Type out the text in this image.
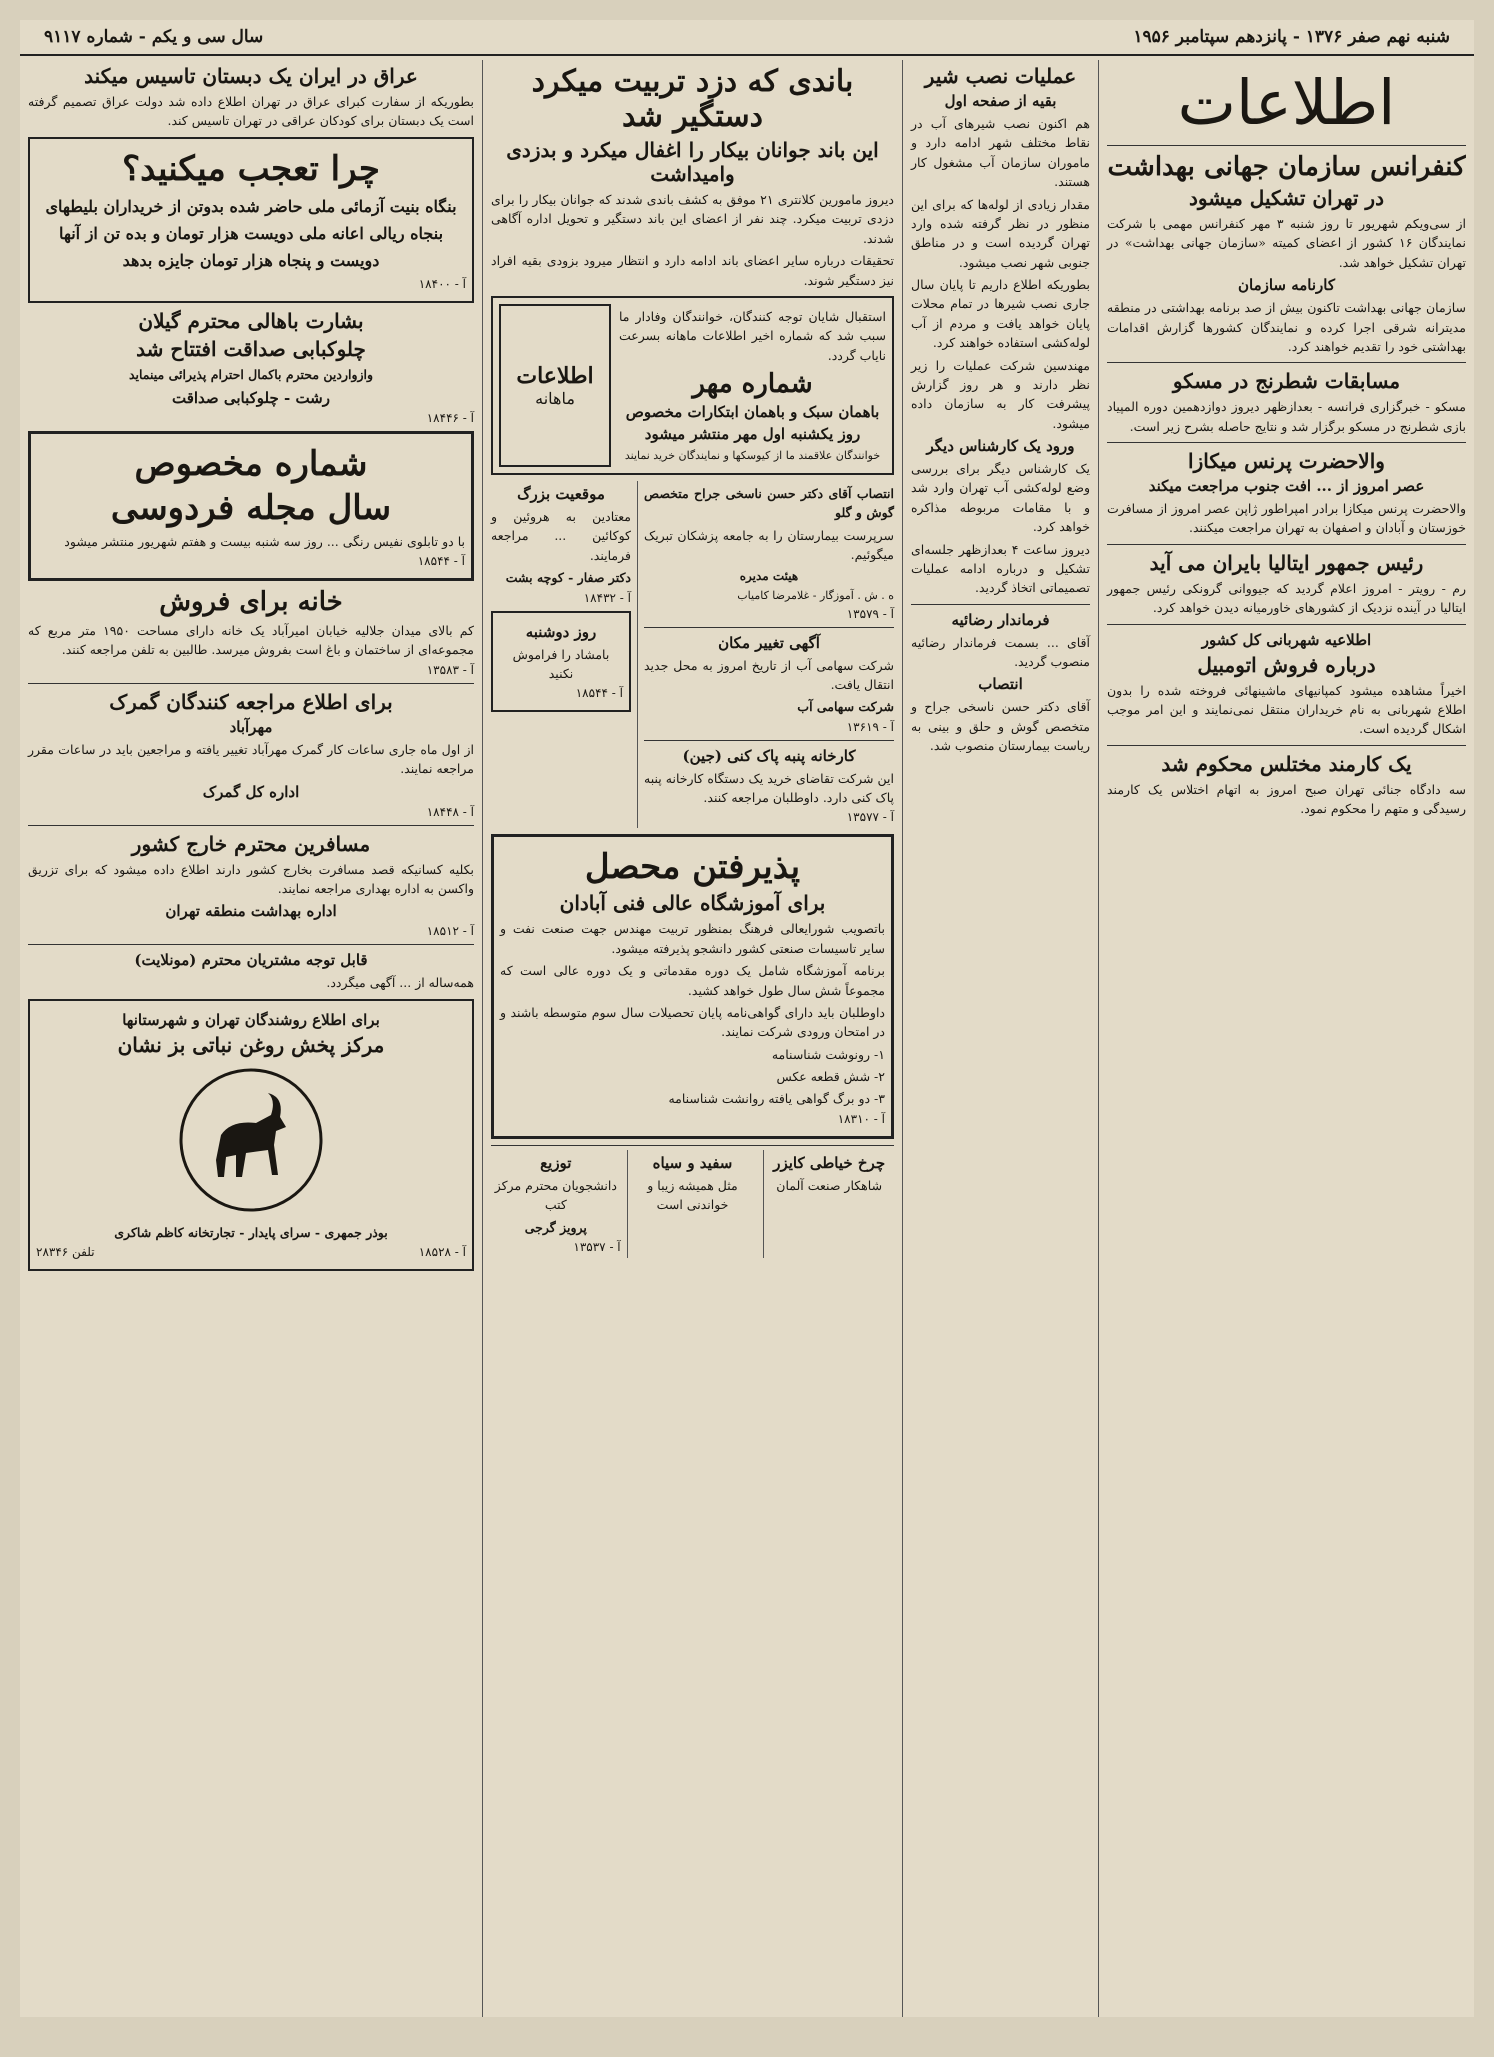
شنبه نهم صفر ۱۳۷۶ - پانزدهم سپتامبر ۱۹۵۶
سال سی و یکم - شماره ۹۱۱۷
اطلاعات
کنفرانس سازمان جهانی بهداشت
در تهران تشکیل میشود

از سی‌ویکم شهریور تا روز شنبه ۳ مهر کنفرانس مهمی با شرکت نمایندگان ۱۶ کشور از اعضای کمیته «سازمان جهانی بهداشت» در تهران تشکیل خواهد شد.

کارنامه سازمان

سازمان جهانی بهداشت تاکنون بیش از صد برنامه بهداشتی در منطقه مدیترانه شرقی اجرا کرده و نمایندگان کشورها گزارش اقدامات بهداشتی خود را تقدیم خواهند کرد.

مسابقات شطرنج در مسکو

مسکو - خبرگزاری فرانسه - بعدازظهر دیروز دوازدهمین دوره المپیاد بازی شطرنج در مسکو برگزار شد و نتایج حاصله بشرح زیر است.

والاحضرت پرنس میکازا
عصر امروز از ... افت جنوب مراجعت میکند

والاحضرت پرنس میکازا برادر امپراطور ژاپن عصر امروز از مسافرت خوزستان و آبادان و اصفهان به تهران مراجعت میکنند.

رئیس جمهور ایتالیا بایران می آید

رم - رویتر - امروز اعلام گردید که جیووانی گرونکی رئیس جمهور ایتالیا در آینده نزدیک از کشورهای خاورمیانه دیدن خواهد کرد.

اطلاعیه شهربانی کل کشور
درباره فروش اتومبیل

اخیراً مشاهده میشود کمپانیهای ماشینهائی فروخته شده را بدون اطلاع شهربانی به نام خریداران منتقل نمی‌نمایند و این امر موجب اشکال گردیده است.

یک کارمند مختلس محکوم شد

سه دادگاه جنائی تهران صبح امروز به اتهام اختلاس یک کارمند رسیدگی و متهم را محکوم نمود.

عملیات نصب شیر
بقیه از صفحه اول

هم اکنون نصب شیرهای آب در نقاط مختلف شهر ادامه دارد و ماموران سازمان آب مشغول کار هستند.

مقدار زیادی از لوله‌ها که برای این منظور در نظر گرفته شده وارد تهران گردیده است و در مناطق جنوبی شهر نصب میشود.

بطوریکه اطلاع داریم تا پایان سال جاری نصب شیرها در تمام محلات پایان خواهد یافت و مردم از آب لوله‌کشی استفاده خواهند کرد.

مهندسین شرکت عملیات را زیر نظر دارند و هر روز گزارش پیشرفت کار به سازمان داده میشود.

ورود یک کارشناس دیگر

یک کارشناس دیگر برای بررسی وضع لوله‌کشی آب تهران وارد شد و با مقامات مربوطه مذاکره خواهد کرد.

دیروز ساعت ۴ بعدازظهر جلسه‌ای تشکیل و درباره ادامه عملیات تصمیماتی اتخاذ گردید.

فرماندار رضائیه

آقای ... بسمت فرماندار رضائیه منصوب گردید.

انتصاب

آقای دکتر حسن ناسخی جراح و متخصص گوش و حلق و بینی به ریاست بیمارستان منصوب شد.

باندی که دزد تربیت میکرد دستگیر شد
این باند جوانان بیکار را اغفال میکرد و بدزدی وامیداشت

دیروز مامورین کلانتری ۲۱ موفق به کشف باندی شدند که جوانان بیکار را برای دزدی تربیت میکرد. چند نفر از اعضای این باند دستگیر و تحویل اداره آگاهی شدند.

تحقیقات درباره سایر اعضای باند ادامه دارد و انتظار میرود بزودی بقیه افراد نیز دستگیر شوند.

استقبال شایان توجه کنندگان، خوانندگان وفادار ما سبب شد که شماره اخیر اطلاعات ماهانه بسرعت نایاب گردد.

شماره مهر
باهمان سبک و باهمان ابتکارات مخصوص
روز یکشنبه اول مهر منتشر میشود

خوانندگان علاقمند ما از کیوسکها و نمایندگان خرید نمایند

اطلاعات
ماهانه

انتصاب آقای دکتر حسن ناسخی جراح متخصص گوش و گلو

سرپرست بیمارستان را به جامعه پزشکان تبریک میگوئیم.

هیئت مدیره

ه . ش . آموزگار - غلامرضا کامیاب

آ - ۱۳۵۷۹
آگهی تغییر مکان

شرکت سهامی آب از تاریخ امروز به محل جدید انتقال یافت.

شرکت سهامی آب

آ - ۱۳۶۱۹
کارخانه پنبه پاک کنی (جین)

این شرکت تقاضای خرید یک دستگاه کارخانه پنبه پاک کنی دارد. داوطلبان مراجعه کنند.

آ - ۱۳۵۷۷
موقعیت بزرگ

معتادین به هروئین و کوکائین ... مراجعه فرمایند.

دکتر صفار - کوچه بشت

آ - ۱۸۴۳۲
روز دوشنبه

بامشاد را فراموش نکنید

آ - ۱۸۵۴۴
پذیرفتن محصل
برای آموزشگاه عالی فنی آبادان

باتصویب شورایعالی فرهنگ بمنظور تربیت مهندس جهت صنعت نفت و سایر تاسیسات صنعتی کشور دانشجو پذیرفته میشود.

برنامه آموزشگاه شامل یک دوره مقدماتی و یک دوره عالی است که مجموعاً شش سال طول خواهد کشید.

داوطلبان باید دارای گواهی‌نامه پایان تحصیلات سال سوم متوسطه باشند و در امتحان ورودی شرکت نمایند.

۱- رونوشت شناسنامه

۲- شش قطعه عکس

۳- دو برگ گواهی یافته روانشت شناسنامه

آ - ۱۸۳۱۰
چرخ خیاطی کایزر

شاهکار صنعت آلمان

سفید و سیاه

مثل همیشه زیبا و خواندنی است

توزیع

دانشجویان محترم مرکز کتب

پرویز گرجی

آ - ۱۳۵۳۷
عراق در ایران یک دبستان تاسیس میکند

بطوریکه از سفارت کبرای عراق در تهران اطلاع داده شد دولت عراق تصمیم گرفته است یک دبستان برای کودکان عراقی در تهران تاسیس کند.

چرا تعجب میکنید؟

بنگاه بنیت آزمائی ملی حاضر شده بدوتن از خریداران بلیطهای بنجاه ریالی اعانه ملی دویست هزار تومان و بده تن از آنها دویست و پنجاه هزار تومان جایزه بدهد

آ - ۱۸۴۰۰
بشارت باهالی محترم گیلان
چلوکبابی صداقت افتتاح شد

وازواردین محترم باکمال احترام پذیرائی مینماید

رشت - چلوکبابی صداقت
آ - ۱۸۴۴۶
شماره مخصوص
سال مجله فردوسی

با دو تابلوی نفیس رنگی ... روز سه شنبه بیست و هفتم شهریور منتشر میشود

آ - ۱۸۵۴۴
خانه برای فروش

کم بالای میدان جلالیه خیابان امیرآباد یک خانه دارای مساحت ۱۹۵۰ متر مربع که مجموعه‌ای از ساختمان و باغ است بفروش میرسد. طالبین به تلفن مراجعه کنند.

آ - ۱۳۵۸۳
برای اطلاع مراجعه کنندگان گمرک
مهرآباد

از اول ماه جاری ساعات کار گمرک مهرآباد تغییر یافته و مراجعین باید در ساعات مقرر مراجعه نمایند.

اداره کل گمرک
آ - ۱۸۴۴۸
مسافرین محترم خارج کشور

بکلیه کسانیکه قصد مسافرت بخارج کشور دارند اطلاع داده میشود که برای تزریق واکسن به اداره بهداری مراجعه نمایند.

اداره بهداشت منطقه تهران
آ - ۱۸۵۱۲
قابل توجه مشتریان محترم (مونلایت)

همه‌ساله از ... آگهی میگردد.

برای اطلاع روشندگان تهران و شهرستانها
مرکز پخش روغن نباتی بز نشان

بوذر جمهری - سرای پایدار - تجارتخانه کاظم شاکری

آ - ۱۸۵۲۸
تلفن ۲۸۳۴۶
